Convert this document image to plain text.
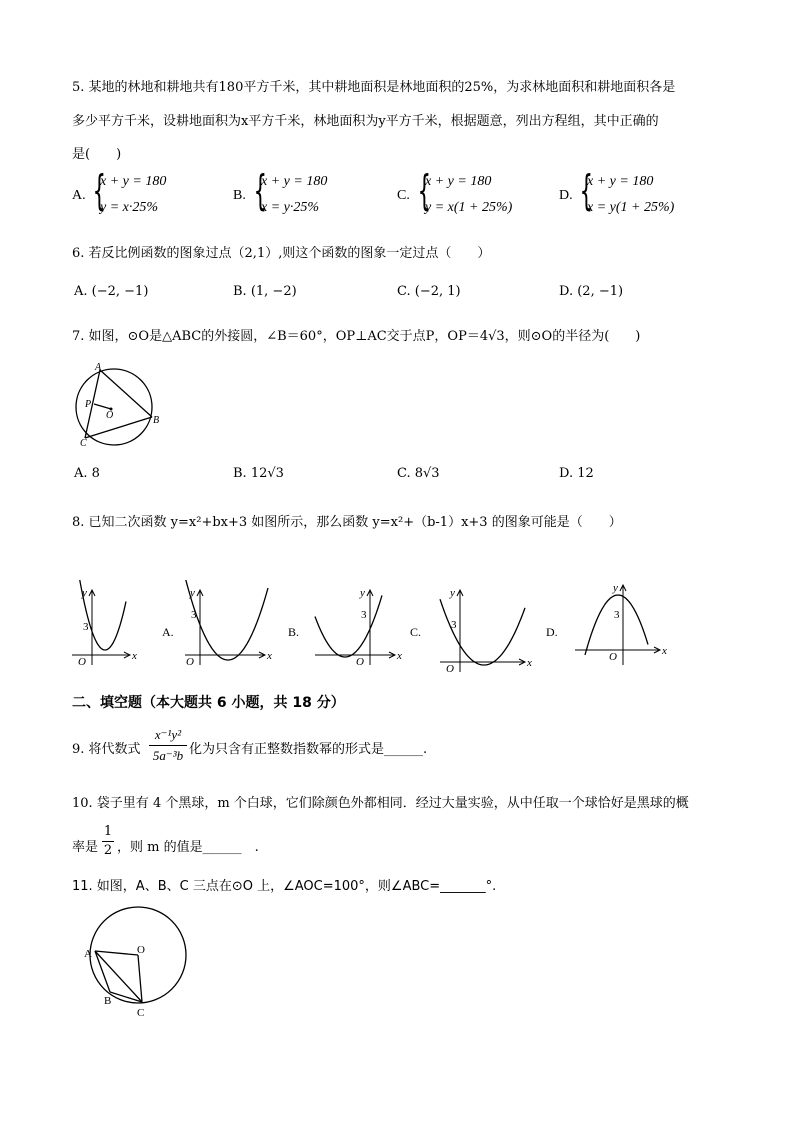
5. 某地的林地和耕地共有180平方千米，其中耕地面积是林地面积的25%，为求林地面积和耕地面积各是
多少平方千米，设耕地面积为x平方千米，林地面积为y平方千米，根据题意，列出方程组，其中正确的
是(　　)
A. {
x + y = 180
y = x·25%
B. {
x + y = 180
x = y·25%
C. {
x + y = 180
y = x(1 + 25%)
D. {
x + y = 180
x = y(1 + 25%)
6. 若反比例函数的图象过点（2,1）,则这个函数的图象一定过点（　　）
A. (−2, −1)	B. (1, −2)	C. (−2, 1)	D. (2, −1)
7. 如图，⊙O是△ABC的外接圆，∠B＝60°，OP⊥AC交于点P，OP＝4√3，则⊙O的半径为(　　)
A
B
C
P
O
A. 8	B. 12√3	C. 8√3	D. 12
8. 已知二次函数 y=x²+bx+3 如图所示，那么函数 y=x²+（b-1）x+3 的图象可能是（　　）
x
y
O
3
x
y
O
3
A.
x
y
O
3
B.
x
y
O
3
C.
x
y
O
3
D.
二、填空题（本大题共 6 小题，共 18 分）
9. 将代数式
x⁻¹y²
5a⁻³b 化为只含有正整数指数幂的形式是______.
10. 袋子里有 4 个黑球，m 个白球，它们除颜色外都相同．经过大量实验，从中任取一个球恰好是黑球的概
率是
1
2 ，则 m 的值是______　.
11. 如图，A、B、C 三点在⊙O 上，∠AOC=100°，则∠ABC=_______°.
A	O
B
C
